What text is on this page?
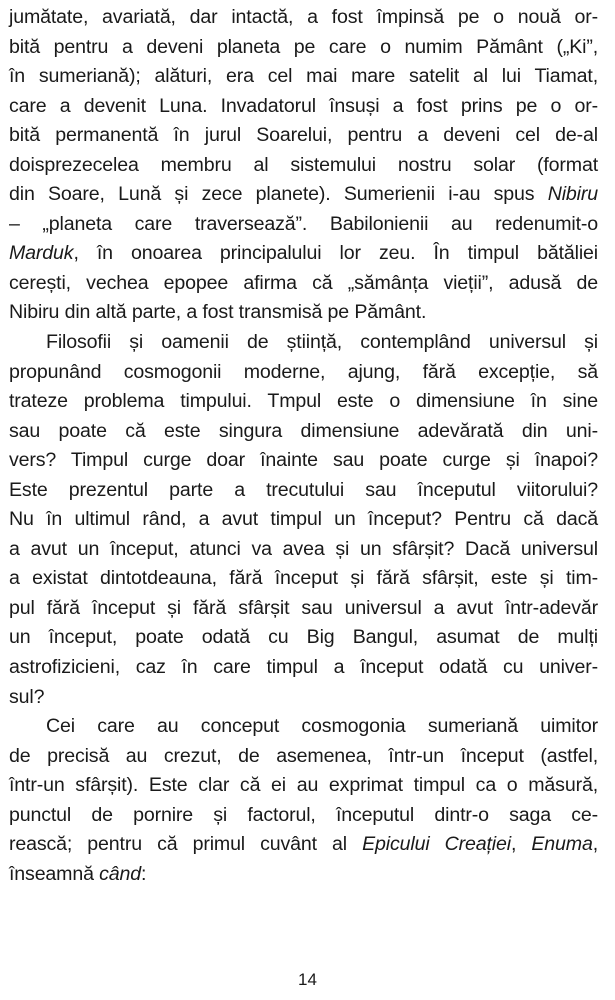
jumătate, avariată, dar intactă, a fost împinsă pe o nouă or-
bită pentru a deveni planeta pe care o numim Pământ („Ki”,
în sumeriană); alături, era cel mai mare satelit al lui Tiamat,
care a devenit Luna. Invadatorul însuși a fost prins pe o or-
bită permanentă în jurul Soarelui, pentru a deveni cel de-al
doisprezecelea membru al sistemului nostru solar (format
din Soare, Lună și zece planete). Sumerienii i-au spus Nibiru
– „planeta care traversează”. Babilonienii au redenumit-o
Marduk, în onoarea principalului lor zeu. În timpul bătăliei
cerești, vechea epopee afirma că „sămânța vieții”, adusă de
Nibiru din altă parte, a fost transmisă pe Pământ.
Filosofii și oamenii de știință, contemplând universul și
propunând cosmogonii moderne, ajung, fără excepție, să
trateze problema timpului. Tmpul este o dimensiune în sine
sau poate că este singura dimensiune adevărată din uni-
vers? Timpul curge doar înainte sau poate curge și înapoi?
Este prezentul parte a trecutului sau începutul viitorului?
Nu în ultimul rând, a avut timpul un început? Pentru că dacă
a avut un început, atunci va avea și un sfârșit? Dacă universul
a existat dintotdeauna, fără început și fără sfârșit, este și tim-
pul fără început și fără sfârșit sau universul a avut într-adevăr
un început, poate odată cu Big Bangul, asumat de mulți
astrofizicieni, caz în care timpul a început odată cu univer-
sul?
Cei care au conceput cosmogonia sumeriană uimitor
de precisă au crezut, de asemenea, într-un început (astfel,
într-un sfârșit). Este clar că ei au exprimat timpul ca o măsură,
punctul de pornire și factorul, începutul dintr-o saga ce-
rească; pentru că primul cuvânt al Epicului Creației, Enuma,
înseamnă când:
14
